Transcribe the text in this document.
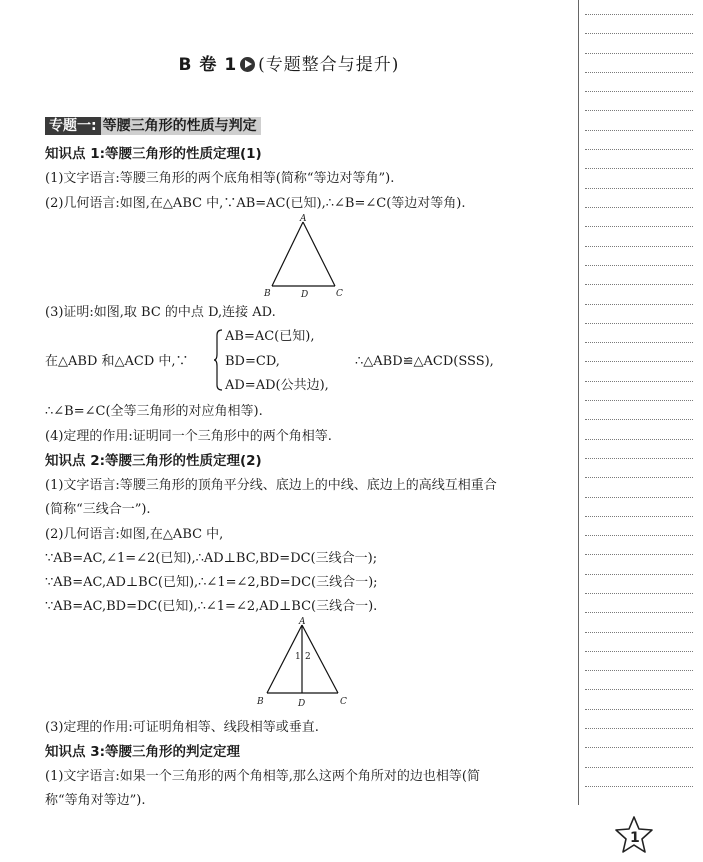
B 卷 1 (专题整合与提升)
专题一: 等腰三角形的性质与判定
知识点 1:等腰三角形的性质定理(1)
(1)文字语言:等腰三角形的两个底角相等(简称“等边对等角”).
(2)几何语言:如图,在△ABC 中,∵AB=AC(已知),∴∠B=∠C(等边对等角).
A
B	D	C
(3)证明:如图,取 BC 的中点 D,连接 AD.
在△ABD 和△ACD 中,∵
AB=AC(已知),
BD=CD,
AD=AD(公共边),
∴△ABD≌△ACD(SSS),
∴∠B=∠C(全等三角形的对应角相等).
(4)定理的作用:证明同一个三角形中的两个角相等.
知识点 2:等腰三角形的性质定理(2)
(1)文字语言:等腰三角形的顶角平分线、底边上的中线、底边上的高线互相重合
(简称“三线合一”).
(2)几何语言:如图,在△ABC 中,
∵AB=AC,∠1=∠2(已知),∴AD⊥BC,BD=DC(三线合一);
∵AB=AC,AD⊥BC(已知),∴∠1=∠2,BD=DC(三线合一);
∵AB=AC,BD=DC(已知),∴∠1=∠2,AD⊥BC(三线合一).
A
1 2
B	D	C
(3)定理的作用:可证明角相等、线段相等或垂直.
知识点 3:等腰三角形的判定定理
(1)文字语言:如果一个三角形的两个角相等,那么这两个角所对的边也相等(简
称“等角对等边”).
1
